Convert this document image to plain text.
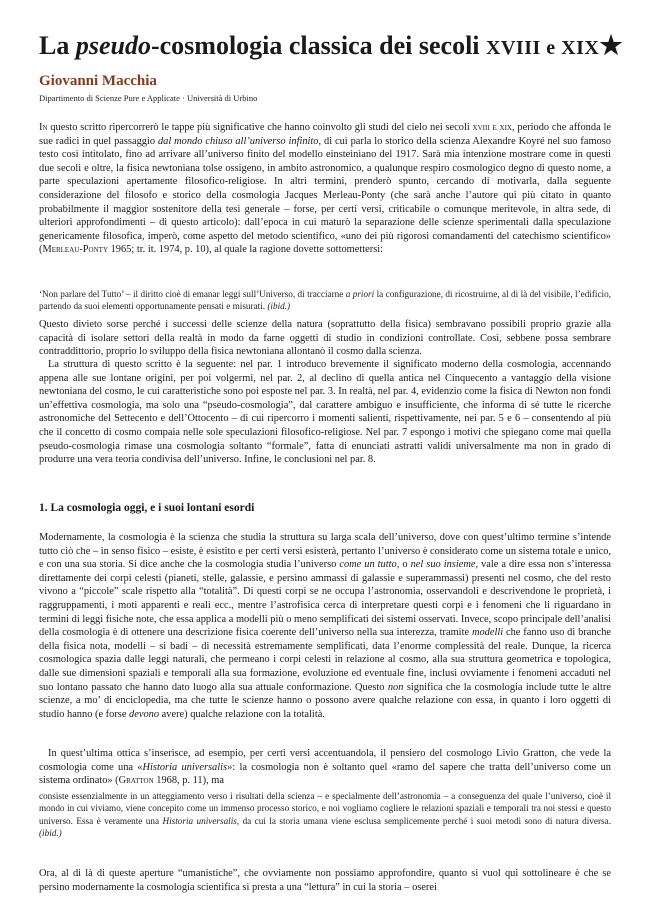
La pseudo-cosmologia classica dei secoli XVIII e XIX★
Giovanni Macchia
Dipartimento di Scienze Pure e Applicate · Università di Urbino

In questo scritto ripercorrerò le tappe più significative che hanno coinvolto gli studi del cielo nei secoli xviii e xix, periodo che affonda le sue radici in quel passaggio dal mondo chiuso all’universo infinito, di cui parla lo storico della scienza Alexandre Koyré nel suo famoso testo così intitolato, fino ad arrivare all’universo finito del modello einsteiniano del 1917. Sarà mia intenzione mostrare come in questi due secoli e oltre, la fisica newtoniana tolse ossigeno, in ambito astronomico, a qualunque respiro cosmologico degno di questo nome, a parte speculazioni apertamente filosofico-religiose. In altri termini, prenderò spunto, cercando di motivarla, dalla seguente considerazione del filosofo e storico della cosmologia Jacques Merleau-Ponty (che sarà anche l’autore qui più citato in quanto probabilmente il maggior sostenitore della tesi generale – forse, per certi versi, criticabile o comunque meritevole, in altra sede, di ulteriori approfondimenti – di questo articolo): dall’epoca in cui maturò la separazione delle scienze sperimentali dalla speculazione genericamente filosofica, imperò, come aspetto del metodo scientifico, «uno dei più rigorosi comandamenti del catechismo scientifico» (Merleau-Ponty 1965; tr. it. 1974, p. 10), al quale la ragione dovette sottomettersi:

‘Non parlare del Tutto’ – il diritto cioè di emanar leggi sull’Universo, di tracciarne a priori la configurazione, di ricostruirne, al di là del visibile, l’edificio, partendo da suoi elementi opportunamente pensati e misurati. (ibid.)

Questo divieto sorse perché i successi delle scienze della natura (soprattutto della fisica) sembravano possibili proprio grazie alla capacità di isolare settori della realtà in modo da farne oggetti di studio in condizioni controllate. Così, sebbene possa sembrare contraddittorio, proprio lo sviluppo della fisica newtoniana allontanò il cosmo dalla scienza.

La struttura di questo scritto è la seguente: nel par. 1 introduco brevemente il significato moderno della cosmologia, accennando appena alle sue lontane origini, per poi volgermi, nel par. 2, al declino di quella antica nel Cinquecento a vantaggio della visione newtoniana del cosmo, le cui caratteristiche sono poi esposte nel par. 3. In realtà, nel par. 4, evidenzio come la fisica di Newton non fondi un’effettiva cosmologia, ma solo una “pseudo-cosmologia”, dal carattere ambiguo e insufficiente, che informa di sé tutte le ricerche astronomiche del Settecento e dell’Ottocento – di cui ripercorro i momenti salienti, rispettivamente, nei par. 5 e 6 – consentendo al più che il concetto di cosmo compaia nelle sole speculazioni filosofico-religiose. Nel par. 7 espongo i motivi che spiegano come mai quella pseudo-cosmologia rimase una cosmologia soltanto “formale”, fatta di enunciati astratti validi universalmente ma non in grado di produrre una vera teoria condivisa dell’universo. Infine, le conclusioni nel par. 8.

1. La cosmologia oggi, e i suoi lontani esordi

Modernamente, la cosmologia è la scienza che studia la struttura su larga scala dell’universo, dove con quest’ultimo termine s’intende tutto ciò che – in senso fisico – esiste, è esistito e per certi versi esisterà, pertanto l’universo è considerato come un sistema totale e unico, e con una sua storia. Si dice anche che la cosmologia studia l’universo come un tutto, o nel suo insieme, vale a dire essa non s’interessa direttamente dei corpi celesti (pianeti, stelle, galassie, e persino ammassi di galassie e superammassi) presenti nel cosmo, che del resto vivono a “piccole” scale rispetto alla “totalità”. Di questi corpi se ne occupa l’astronomia, osservandoli e descrivendone le proprietà, i raggruppamenti, i moti apparenti e reali ecc., mentre l’astrofisica cerca di interpretare questi corpi e i fenomeni che li riguardano in termini di leggi fisiche note, che essa applica a modelli più o meno semplificati dei sistemi osservati. Invece, scopo principale dell’analisi della cosmologia è di ottenere una descrizione fisica coerente dell’universo nella sua interezza, tramite modelli che fanno uso di branche della fisica nota, modelli – si badi – di necessità estremamente semplificati, data l’enorme complessità del reale. Dunque, la ricerca cosmologica spazia dalle leggi naturali, che permeano i corpi celesti in relazione al cosmo, alla sua struttura geometrica e topologica, dalle sue dimensioni spaziali e temporali alla sua formazione, evoluzione ed eventuale fine, inclusi ovviamente i fenomeni accaduti nel suo lontano passato che hanno dato luogo alla sua attuale conformazione. Questo non significa che la cosmologia include tutte le altre scienze, a mo’ di enciclopedia, ma che tutte le scienze hanno o possono avere qualche relazione con essa, in quanto i loro oggetti di studio hanno (e forse devono avere) qualche relazione con la totalità.

In quest’ultima ottica s’inserisce, ad esempio, per certi versi accentuandola, il pensiero del cosmologo Livio Gratton, che vede la cosmologia come una «Historia universalis»: la cosmologia non è soltanto quel «ramo del sapere che tratta dell’universo come un sistema ordinato» (Gratton 1968, p. 11), ma

consiste essenzialmente in un atteggiamento verso i risultati della scienza – e specialmente dell’astronomia – a conseguenza del quale l’universo, cioè il mondo in cui viviamo, viene concepito come un immenso processo storico, e noi vogliamo cogliere le relazioni spaziali e temporali tra noi stessi e questo universo. Essa è veramente una Historia universalis, da cui la storia umana viene esclusa semplicemente perché i suoi metodi sono di natura diversa. (ibid.)

Ora, al di là di queste aperture “umanistiche”, che ovviamente non possiamo approfondire, quanto si vuol qui sottolineare è che se persino modernamente la cosmologia scientifica si presta a una “lettura” in cui la storia – oserei
